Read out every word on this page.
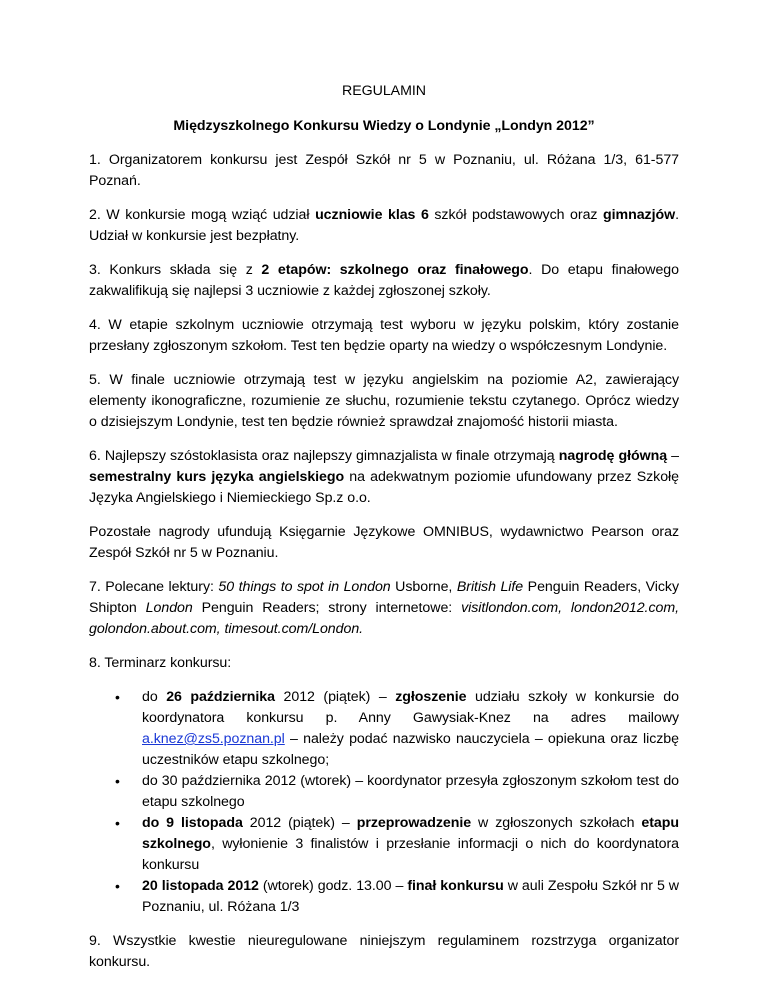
REGULAMIN

Międzyszkolnego Konkursu Wiedzy o Londynie „Londyn 2012”

1. Organizatorem konkursu jest Zespół Szkół nr 5 w Poznaniu, ul. Różana 1/3, 61-577 Poznań.

2. W konkursie mogą wziąć udział uczniowie klas 6 szkół podstawowych oraz gimnazjów. Udział w konkursie jest bezpłatny.

3. Konkurs składa się z 2 etapów: szkolnego oraz finałowego. Do etapu finałowego zakwalifikują się najlepsi 3 uczniowie z każdej zgłoszonej szkoły.

4. W etapie szkolnym uczniowie otrzymają test wyboru w języku polskim, który zostanie przesłany zgłoszonym szkołom. Test ten będzie oparty na wiedzy o współczesnym Londynie.

5. W finale uczniowie otrzymają test w języku angielskim na poziomie A2, zawierający elementy ikonograficzne, rozumienie ze słuchu, rozumienie tekstu czytanego. Oprócz wiedzy o dzisiejszym Londynie, test ten będzie również sprawdzał znajomość historii miasta.

6. Najlepszy szóstoklasista oraz najlepszy gimnazjalista w finale otrzymają nagrodę główną – semestralny kurs języka angielskiego na adekwatnym poziomie ufundowany przez Szkołę Języka Angielskiego i Niemieckiego Sp.z o.o.

Pozostałe nagrody ufundują Księgarnie Językowe OMNIBUS, wydawnictwo Pearson oraz Zespół Szkół nr 5 w Poznaniu.

7. Polecane lektury: 50 things to spot in London Usborne, British Life Penguin Readers, Vicky Shipton London Penguin Readers; strony internetowe: visitlondon.com, london2012.com, golondon.about.com, timesout.com/London.

8. Terminarz konkursu:

• do 26 października 2012 (piątek) – zgłoszenie udziału szkoły w konkursie do koordynatora konkursu p. Anny Gawysiak-Knez na adres mailowy a.knez@zs5.poznan.pl – należy podać nazwisko nauczyciela – opiekuna oraz liczbę uczestników etapu szkolnego;
• do 30 października 2012 (wtorek) – koordynator przesyła zgłoszonym szkołom test do etapu szkolnego
• do 9 listopada 2012 (piątek) – przeprowadzenie w zgłoszonych szkołach etapu szkolnego, wyłonienie 3 finalistów i przesłanie informacji o nich do koordynatora konkursu
• 20 listopada 2012 (wtorek) godz. 13.00 – finał konkursu w auli Zespołu Szkół nr 5 w Poznaniu, ul. Różana 1/3

9. Wszystkie kwestie nieuregulowane niniejszym regulaminem rozstrzyga organizator konkursu.
